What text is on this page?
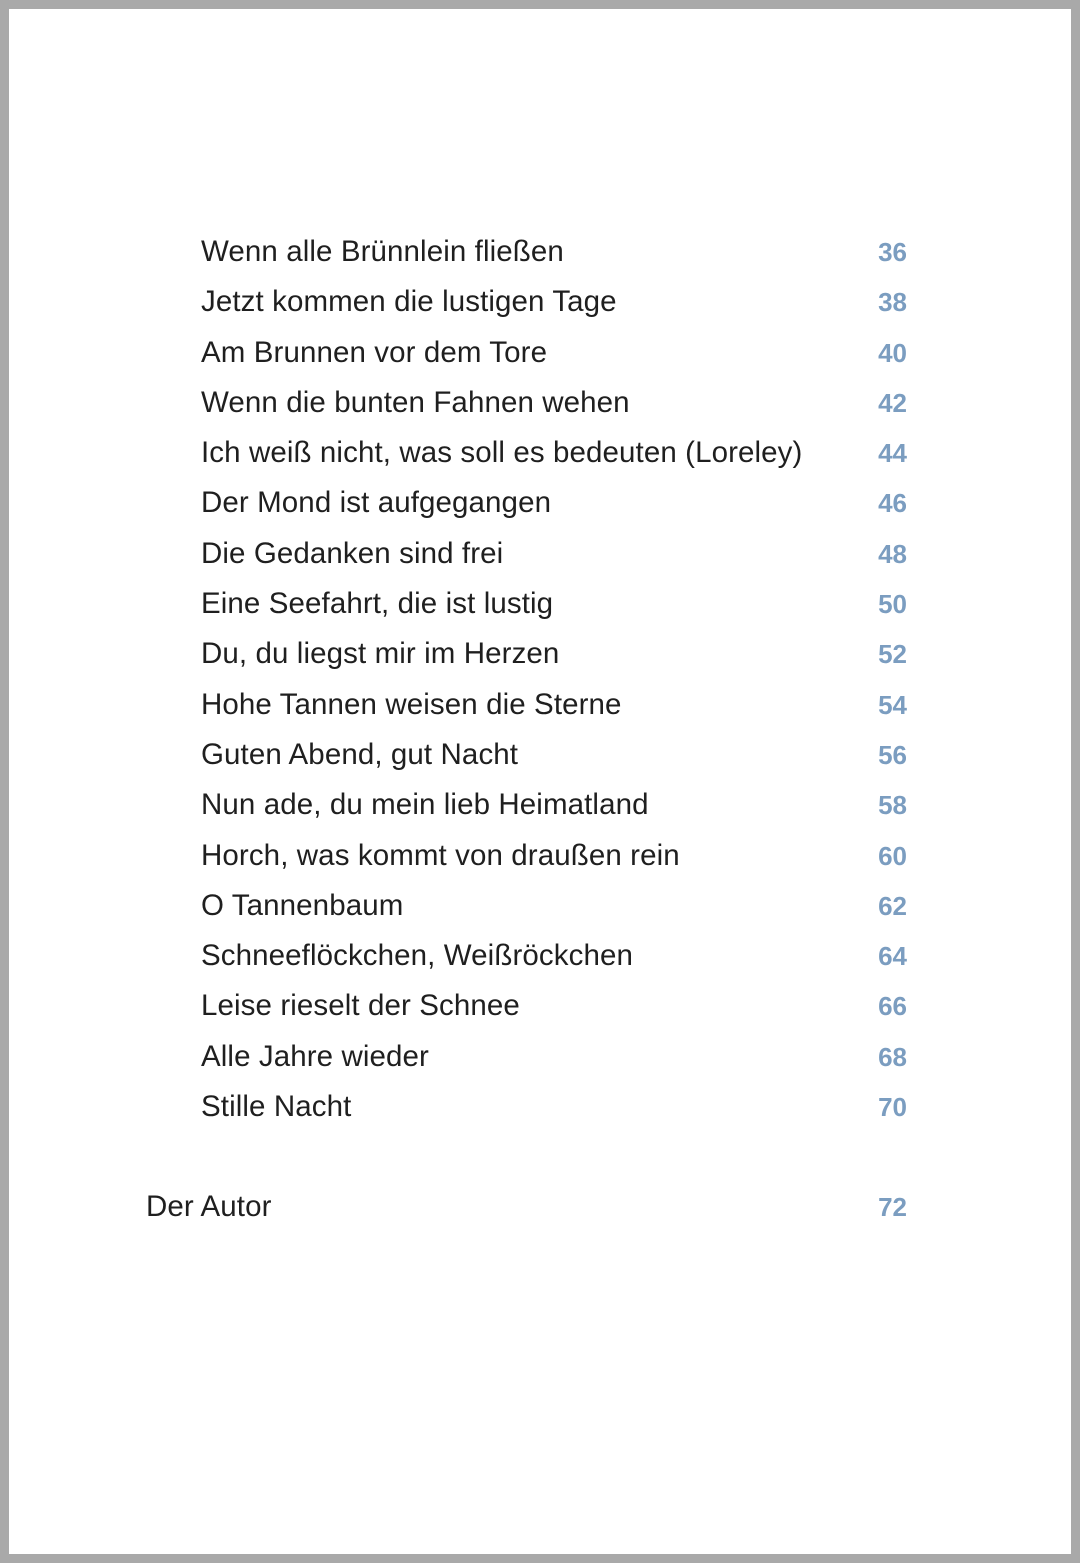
Wenn alle Brünnlein fließen	36
Jetzt kommen die lustigen Tage	38
Am Brunnen vor dem Tore	40
Wenn die bunten Fahnen wehen	42
Ich weiß nicht, was soll es bedeuten (Loreley)	44
Der Mond ist aufgegangen	46
Die Gedanken sind frei	48
Eine Seefahrt, die ist lustig	50
Du, du liegst mir im Herzen	52
Hohe Tannen weisen die Sterne	54
Guten Abend, gut Nacht	56
Nun ade, du mein lieb Heimatland	58
Horch, was kommt von draußen rein	60
O Tannenbaum	62
Schneeflöckchen, Weißröckchen	64
Leise rieselt der Schnee	66
Alle Jahre wieder	68
Stille Nacht	70
Der Autor	72
